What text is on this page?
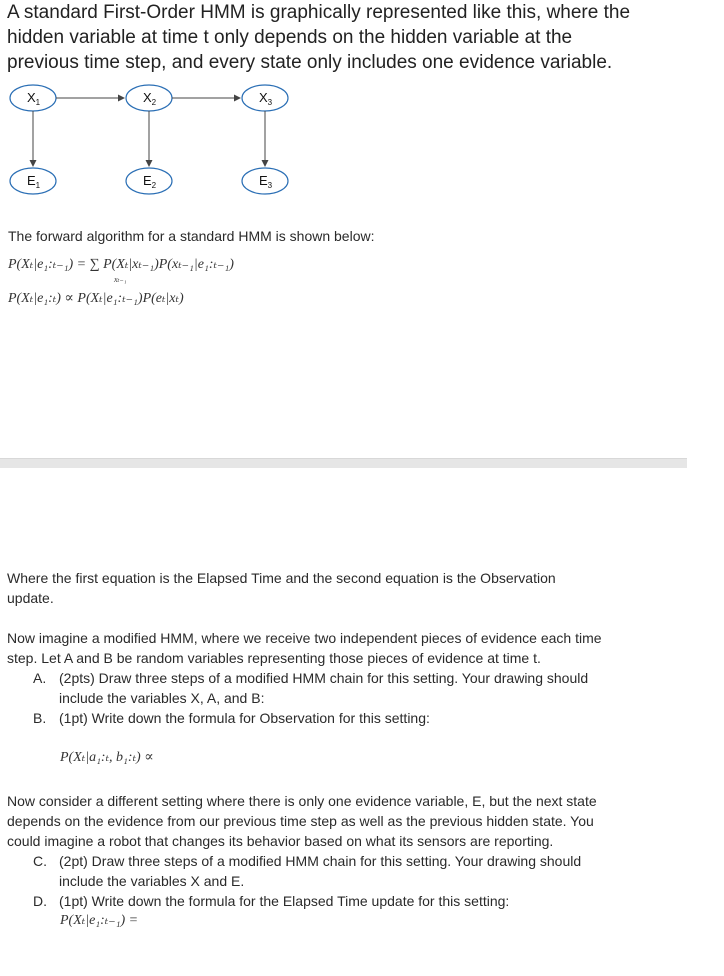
A standard First-Order HMM is graphically represented like this, where the
hidden variable at time t only depends on the hidden variable at the
previous time step, and every state only includes one evidence variable.
$X_1$	$X_2$	$X_3$
$E_1$	$E_2$	$E_3$
The forward algorithm for a standard HMM is shown below:
P(Xₜ|e₁:ₜ₋₁) = ∑ P(Xₜ|xₜ₋₁)P(xₜ₋₁|e₁:ₜ₋₁)
xₜ₋₁
P(Xₜ|e₁:ₜ) ∝ P(Xₜ|e₁:ₜ₋₁)P(eₜ|xₜ)
Where the first equation is the Elapsed Time and the second equation is the Observation
update.
Now imagine a modified HMM, where we receive two independent pieces of evidence each time
step. Let A and B be random variables representing those pieces of evidence at time t.
A. (2pts) Draw three steps of a modified HMM chain for this setting. Your drawing should
include the variables X, A, and B:
B. (1pt) Write down the formula for Observation for this setting:
P(Xₜ|a₁:ₜ, b₁:ₜ) ∝
Now consider a different setting where there is only one evidence variable, E, but the next state
depends on the evidence from our previous time step as well as the previous hidden state. You
could imagine a robot that changes its behavior based on what its sensors are reporting.
C. (2pt) Draw three steps of a modified HMM chain for this setting. Your drawing should
include the variables X and E.
D. (1pt) Write down the formula for the Elapsed Time update for this setting:
P(Xₜ|e₁:ₜ₋₁) =
